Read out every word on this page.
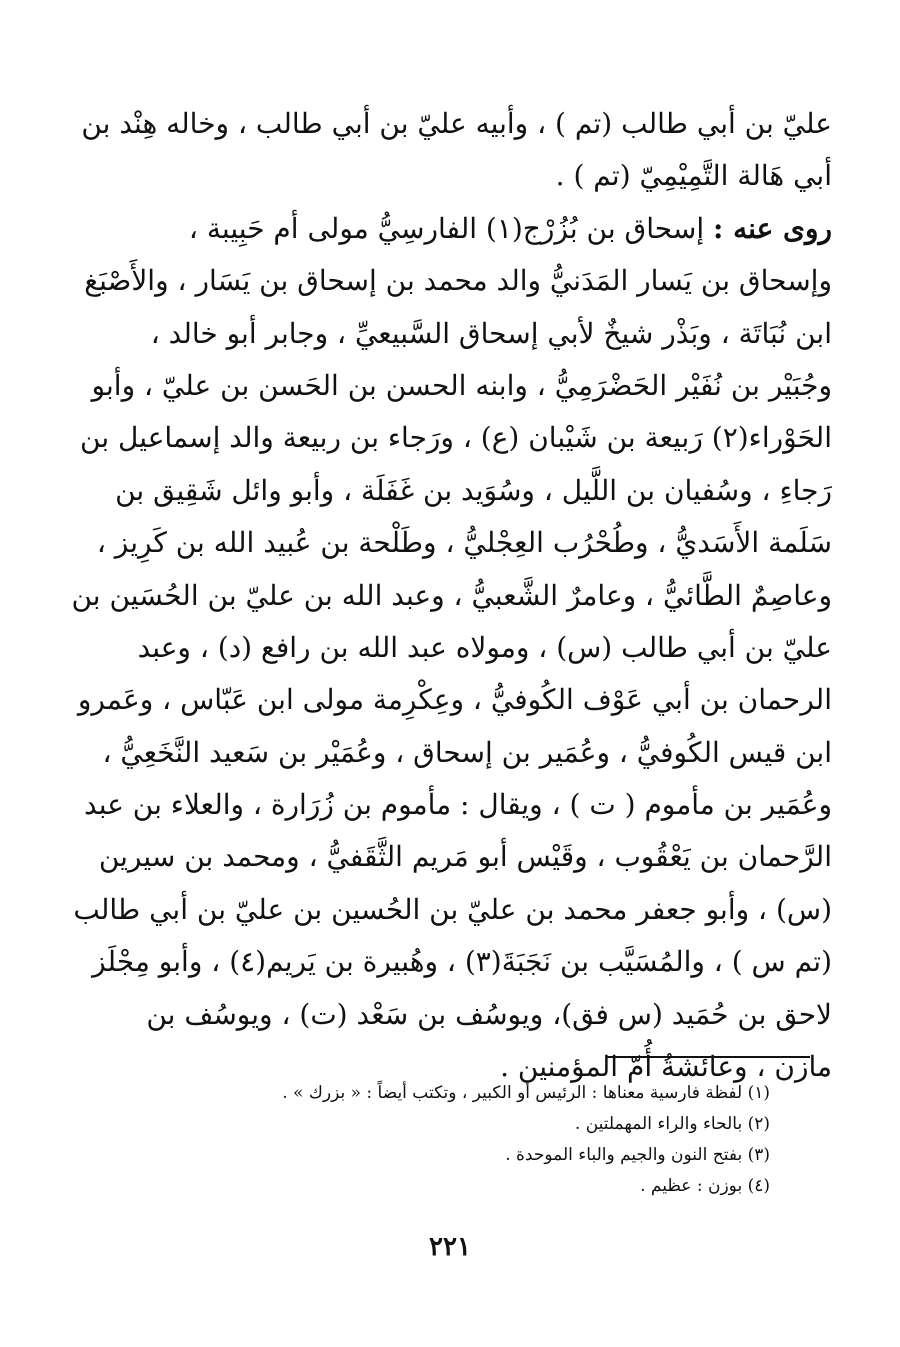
عليّ بن أبي طالب (تم ) ، وأبيه عليّ بن أبي طالب ، وخاله هِنْد بن
أبي هَالة التَّمِيْمِيّ (تم ) .
روى عنه : إسحاق بن بُزُرْج(١) الفارسِيُّ مولى أم حَبِيبة ،
وإسحاق بن يَسار المَدَنيُّ والد محمد بن إسحاق بن يَسَار ، والأَصْبَغ
ابن نُبَاتَة ، وبَذْر شيخٌ لأبي إسحاق السَّبيعيِّ ، وجابر أبو خالد ،
وجُبَيْر بن نُفَيْر الحَضْرَمِيُّ ، وابنه الحسن بن الحَسن بن عليّ ، وأبو
الحَوْراء(٢) رَبيعة بن شَيْبان (ع) ، ورَجاء بن ربيعة والد إسماعيل بن
رَجاءِ ، وسُفيان بن اللَّيل ، وسُوَيد بن غَفَلَة ، وأبو وائل شَقِيق بن
سَلَمة الأَسَديُّ ، وطُحْرُب العِجْليُّ ، وطَلْحة بن عُبيد الله بن كَرِيز ،
وعاصِمٌ الطَّائيُّ ، وعامرٌ الشَّعبيُّ ، وعبد الله بن عليّ بن الحُسَين بن
عليّ بن أبي طالب (س) ، ومولاه عبد الله بن رافع (د) ، وعبد
الرحمان بن أبي عَوْف الكُوفيُّ ، وعِكْرِمة مولى ابن عَبّاس ، وعَمرو
ابن قيس الكُوفيُّ ، وعُمَير بن إسحاق ، وعُمَيْر بن سَعيد النَّخَعِيُّ ،
وعُمَير بن مأموم ( ت ) ، ويقال : مأموم بن زُرَارة ، والعلاء بن عبد
الرَّحمان بن يَعْقُوب ، وقَيْس أبو مَريم الثَّقَفيُّ ، ومحمد بن سيرين
(س) ، وأبو جعفر محمد بن عليّ بن الحُسين بن عليّ بن أبي طالب
(تم س ) ، والمُسَيَّب بن نَجَبَةَ(٣) ، وهُبيرة بن يَريم(٤) ، وأبو مِجْلَز
لاحق بن حُمَيد (س فق)، ويوسُف بن سَعْد (ت) ، ويوسُف بن
مازن ، وعائشةُ أُمّ المؤمنين .
(١) لفظة فارسية معناها : الرئيس أو الكبير ، وتكتب أيضاً : « بزرك » .
(٢) بالحاء والراء المهملتين .
(٣) بفتح النون والجيم والباء الموحدة .
(٤) بوزن : عظيم .
٢٢١
